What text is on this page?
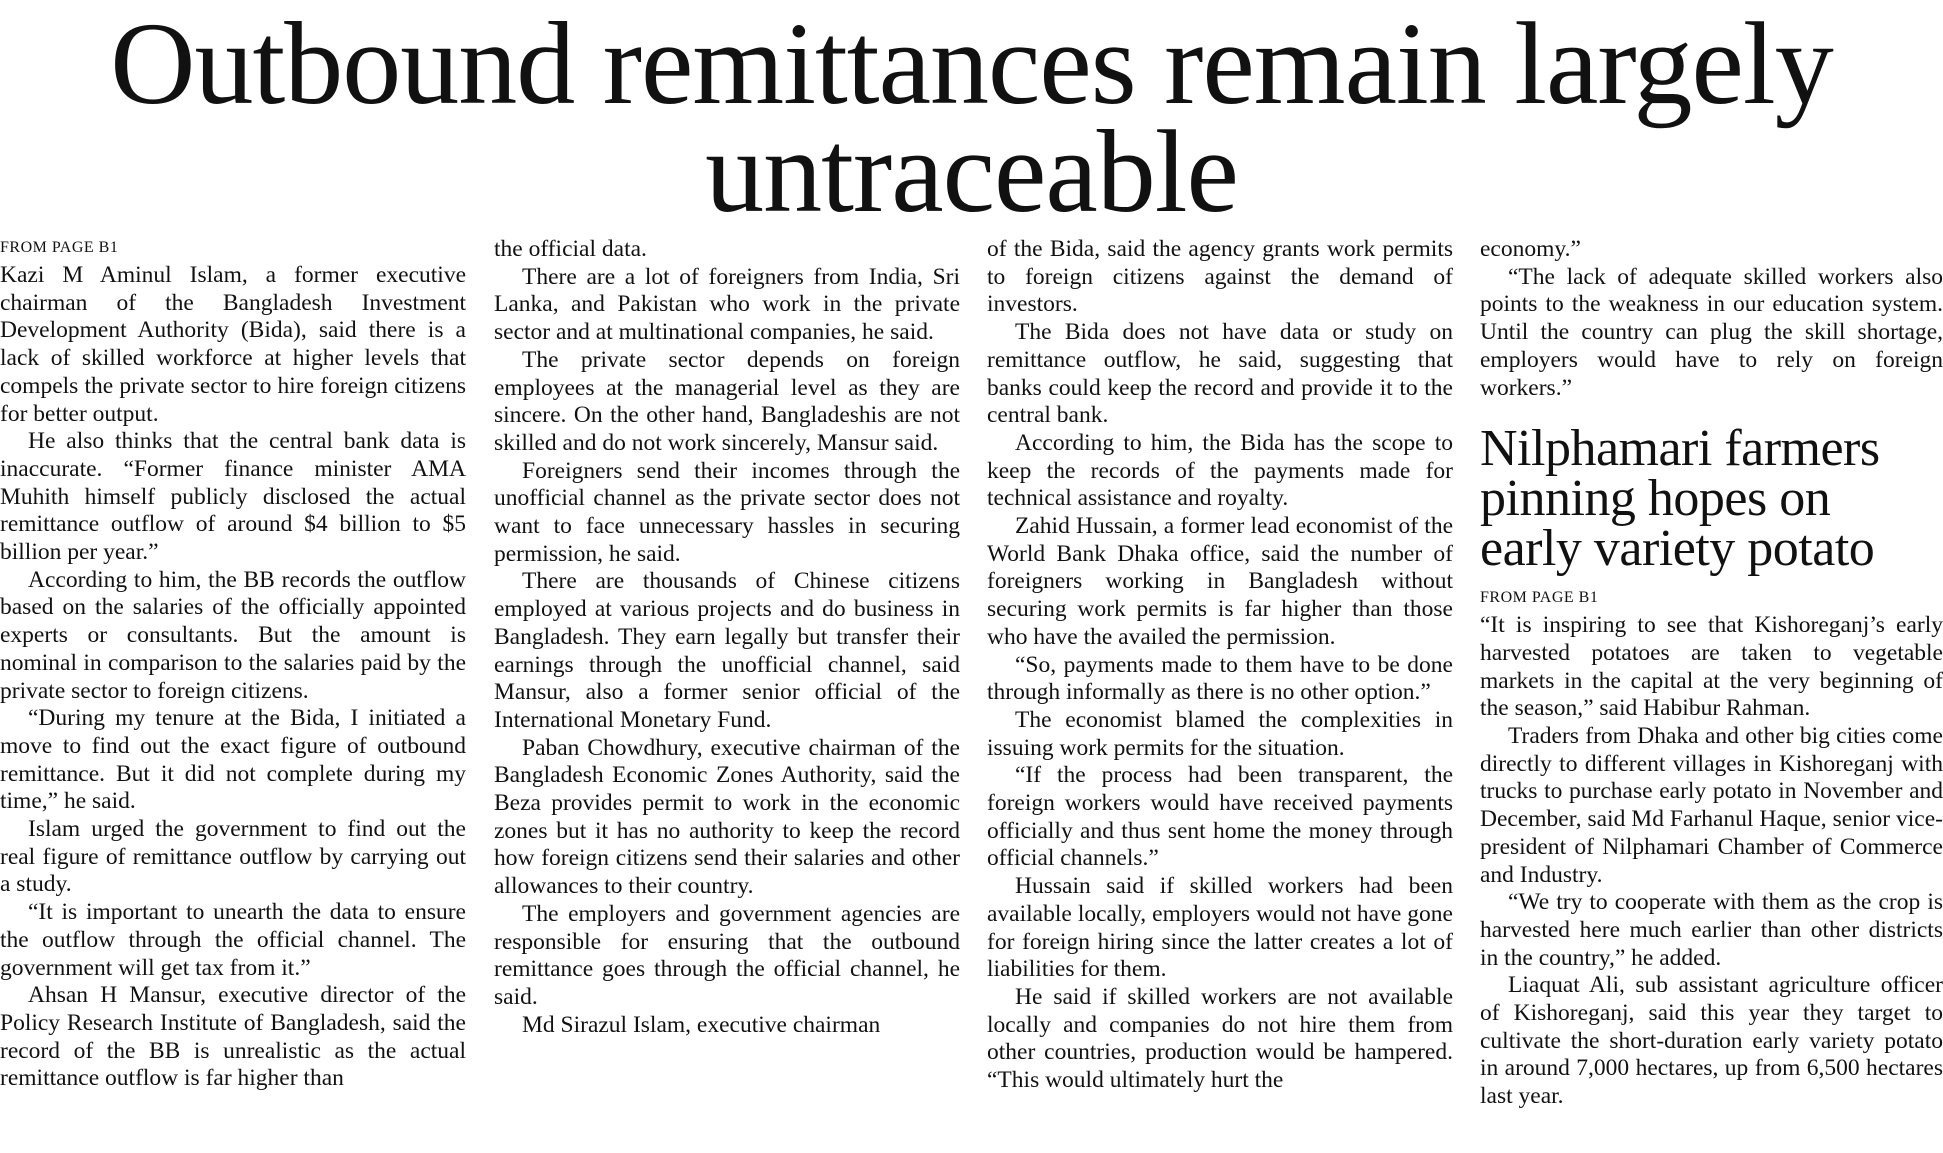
Outbound remittances remain largely untraceable
FROM PAGE B1

Kazi M Aminul Islam, a former executive chairman of the Bangladesh Investment Development Authority (Bida), said there is a lack of skilled workforce at higher levels that compels the private sector to hire foreign citizens for better output.

He also thinks that the central bank data is inaccurate. “Former finance minister AMA Muhith himself publicly disclosed the actual remittance outflow of around $4 billion to $5 billion per year.”

According to him, the BB records the outflow based on the salaries of the officially appointed experts or consultants. But the amount is nominal in comparison to the salaries paid by the private sector to foreign citizens.

“During my tenure at the Bida, I initiated a move to find out the exact figure of outbound remittance. But it did not complete during my time,” he said.

Islam urged the government to find out the real figure of remittance outflow by carrying out a study.

“It is important to unearth the data to ensure the outflow through the official channel. The government will get tax from it.”

Ahsan H Mansur, executive director of the Policy Research Institute of Bangladesh, said the record of the BB is unrealistic as the actual remittance outflow is far higher than

the official data.

There are a lot of foreigners from India, Sri Lanka, and Pakistan who work in the private sector and at multinational companies, he said.

The private sector depends on foreign employees at the managerial level as they are sincere. On the other hand, Bangladeshis are not skilled and do not work sincerely, Mansur said.

Foreigners send their incomes through the unofficial channel as the private sector does not want to face unnecessary hassles in securing permission, he said.

There are thousands of Chinese citizens employed at various projects and do business in Bangladesh. They earn legally but transfer their earnings through the unofficial channel, said Mansur, also a former senior official of the International Monetary Fund.

Paban Chowdhury, executive chairman of the Bangladesh Economic Zones Authority, said the Beza provides permit to work in the economic zones but it has no authority to keep the record how foreign citizens send their salaries and other allowances to their country.

The employers and government agencies are responsible for ensuring that the outbound remittance goes through the official channel, he said.

Md Sirazul Islam, executive chairman

of the Bida, said the agency grants work permits to foreign citizens against the demand of investors.

The Bida does not have data or study on remittance outflow, he said, suggesting that banks could keep the record and provide it to the central bank.

According to him, the Bida has the scope to keep the records of the payments made for technical assistance and royalty.

Zahid Hussain, a former lead economist of the World Bank Dhaka office, said the number of foreigners working in Bangladesh without securing work permits is far higher than those who have the availed the permission.

“So, payments made to them have to be done through informally as there is no other option.”

The economist blamed the complexities in issuing work permits for the situation.

“If the process had been transparent, the foreign workers would have received payments officially and thus sent home the money through official channels.”

Hussain said if skilled workers had been available locally, employers would not have gone for foreign hiring since the latter creates a lot of liabilities for them.

He said if skilled workers are not available locally and companies do not hire them from other countries, production would be hampered. “This would ultimately hurt the

economy.”

“The lack of adequate skilled workers also points to the weakness in our education system. Until the country can plug the skill shortage, employers would have to rely on foreign workers.”

Nilphamari farmers pinning hopes on early variety potato
FROM PAGE B1

“It is inspiring to see that Kishoreganj’s early harvested potatoes are taken to vegetable markets in the capital at the very beginning of the season,” said Habibur Rahman.

Traders from Dhaka and other big cities come directly to different villages in Kishoreganj with trucks to purchase early potato in November and December, said Md Farhanul Haque, senior vice-president of Nilphamari Chamber of Commerce and Industry.

“We try to cooperate with them as the crop is harvested here much earlier than other districts in the country,” he added.

Liaquat Ali, sub assistant agriculture officer of Kishoreganj, said this year they target to cultivate the short-duration early variety potato in around 7,000 hectares, up from 6,500 hectares last year.
